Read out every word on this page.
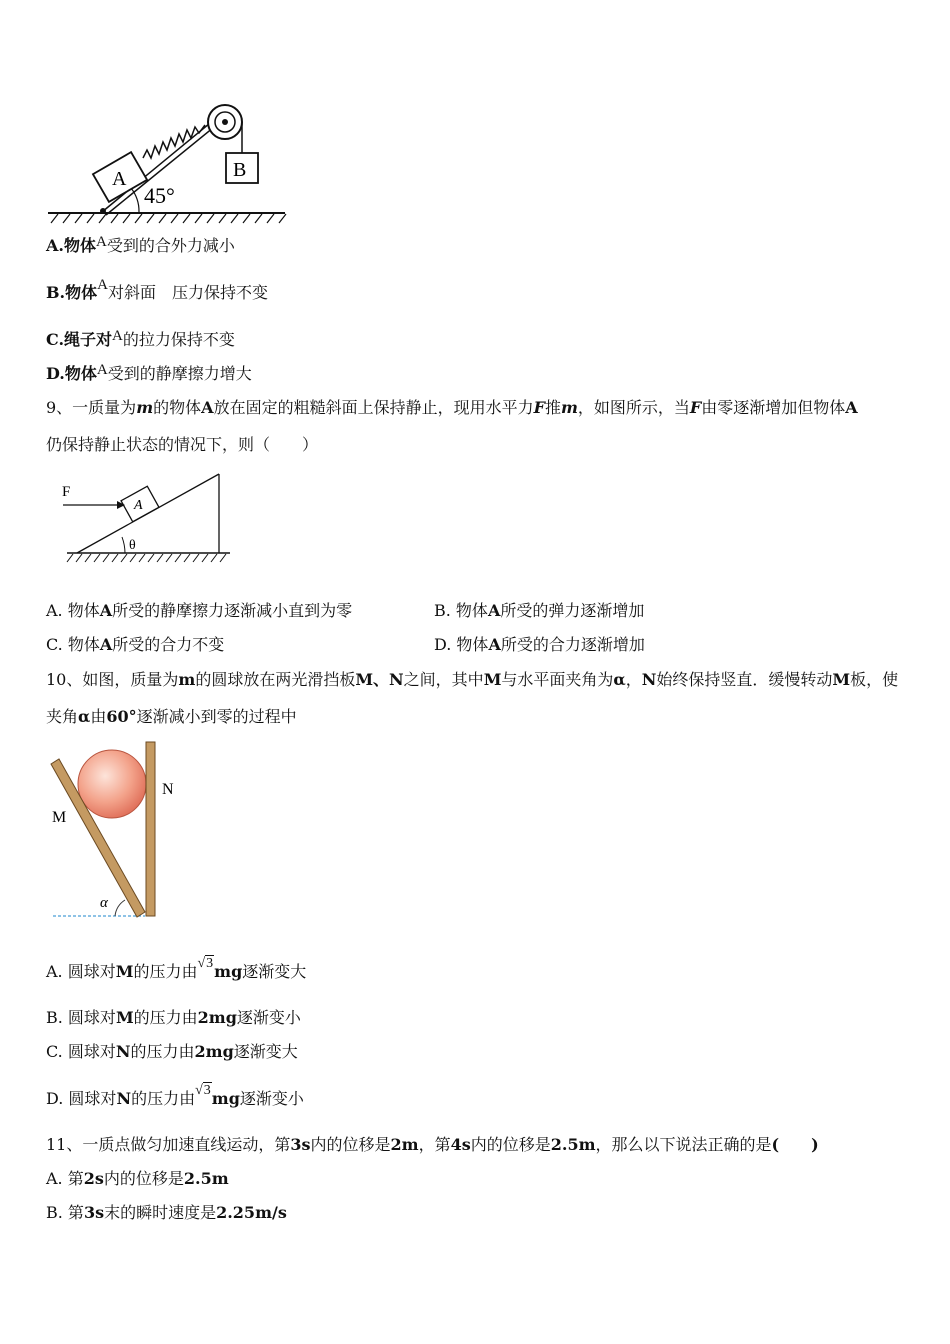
45°
A	B
A.物体A受到的合外力减小
B.物体A对斜面　压力保持不变
C.绳子对A的拉力保持不变
D.物体A受到的静摩擦力增大
9、一质量为m的物体A放在固定的粗糙斜面上保持静止，现用水平力F推m，如图所示，当F由零逐渐增加但物体A
仍保持静止状态的情况下，则（　　）
θ
A
F
A. 物体A所受的静摩擦力逐渐减小直到为零	B. 物体A所受的弹力逐渐增加
C. 物体A所受的合力不变	D. 物体A所受的合力逐渐增加
10、如图，质量为m的圆球放在两光滑挡板M、N之间，其中M与水平面夹角为α，N始终保持竖直．缓慢转动M板，使
夹角α由60°逐渐减小到零的过程中
α
M
N
A. 圆球对M的压力由√3mg逐渐变大
B. 圆球对M的压力由2mg逐渐变小
C. 圆球对N的压力由2mg逐渐变大
D. 圆球对N的压力由√3mg逐渐变小
11、一质点做匀加速直线运动，第3s内的位移是2m，第4s内的位移是2.5m，那么以下说法正确的是(　　)
A. 第2s内的位移是2.5m
B. 第3s末的瞬时速度是2.25m/s
